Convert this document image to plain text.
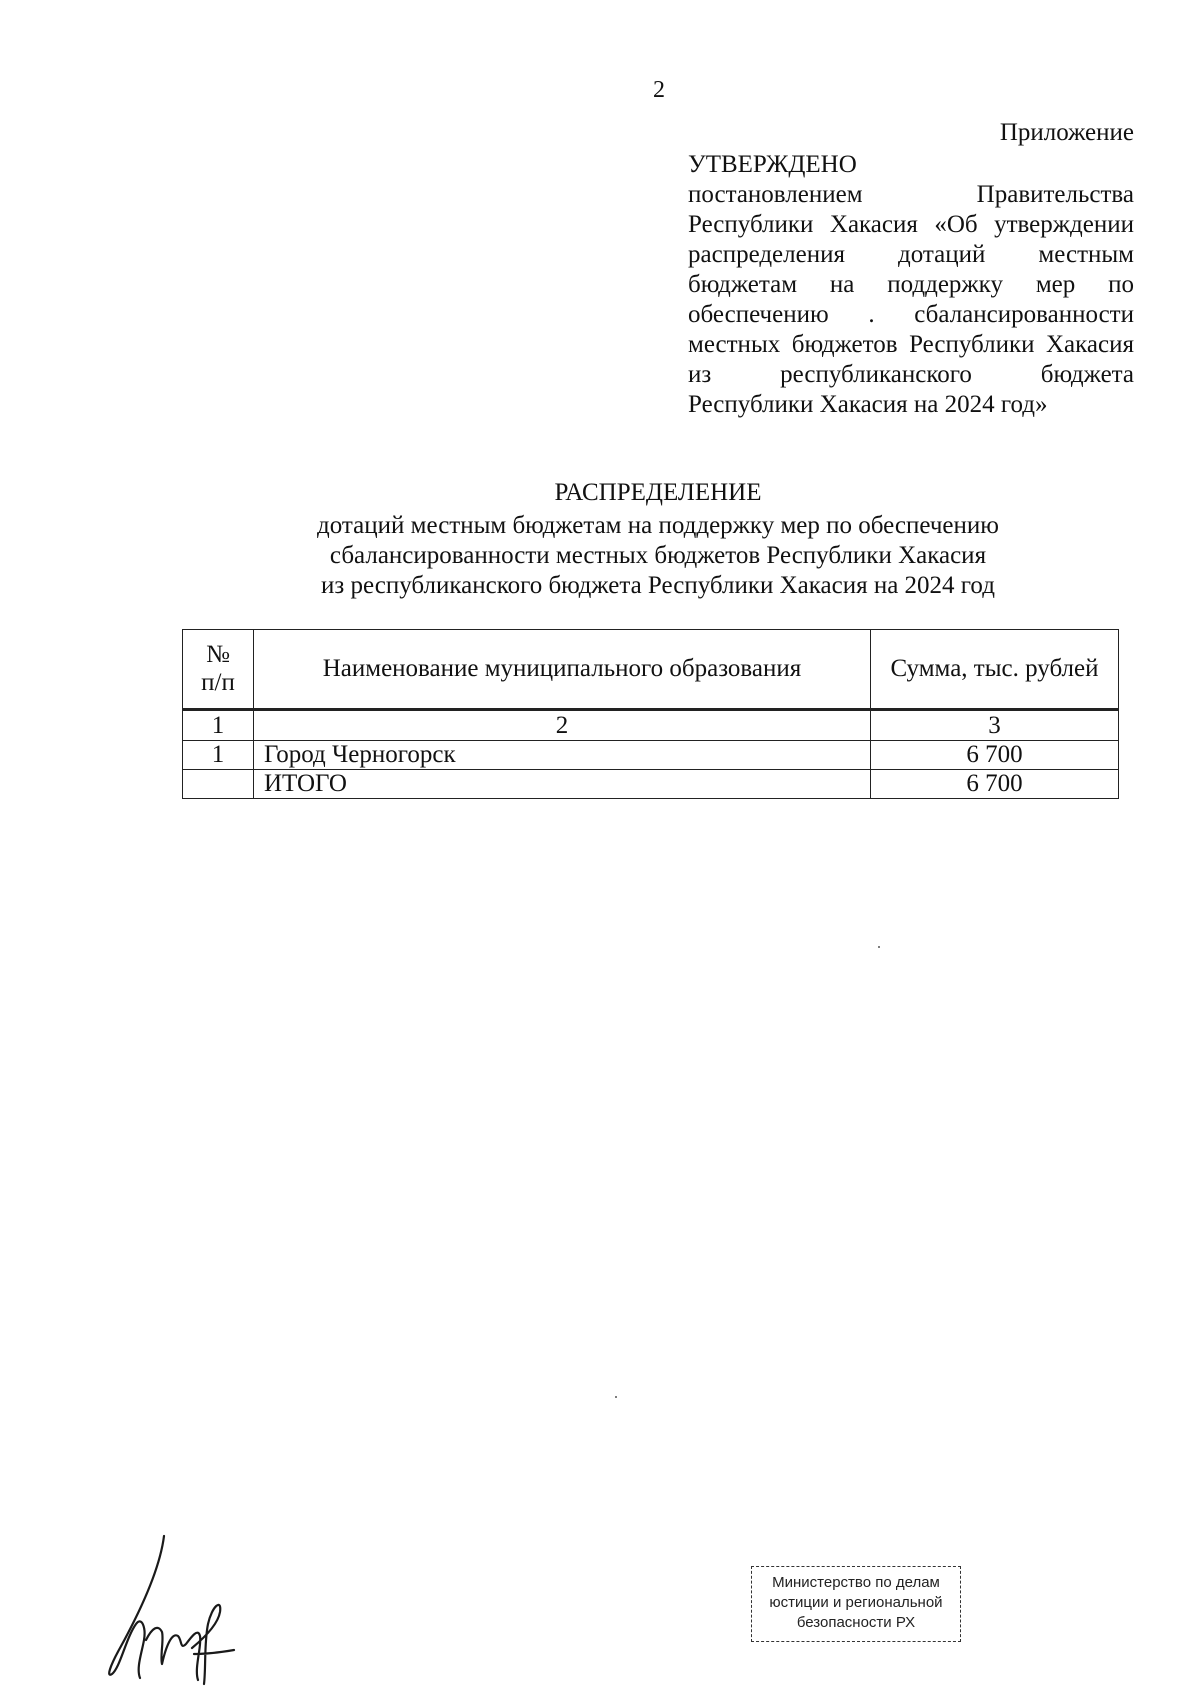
2
Приложение
УТВЕРЖДЕНО
постановлением Правительства Республики Хакасия «Об утверждении распределения дотаций местным бюджетам на поддержку мер по обеспечению . сбалансированности местных бюджетов Республики Хакасия из республиканского бюджета Республики Хакасия на 2024 год»
РАСПРЕДЕЛЕНИЕ
дотаций местным бюджетам на поддержку мер по обеспечению
сбалансированности местных бюджетов Республики Хакасия
из республиканского бюджета Республики Хакасия на 2024 год
№
п/п	Наименование муниципального образования	Сумма, тыс. рублей
1	2	3
1	Город Черногорск	6 700
	ИТОГО	6 700
Министерство по делам
юстиции и региональной
безопасности РХ
